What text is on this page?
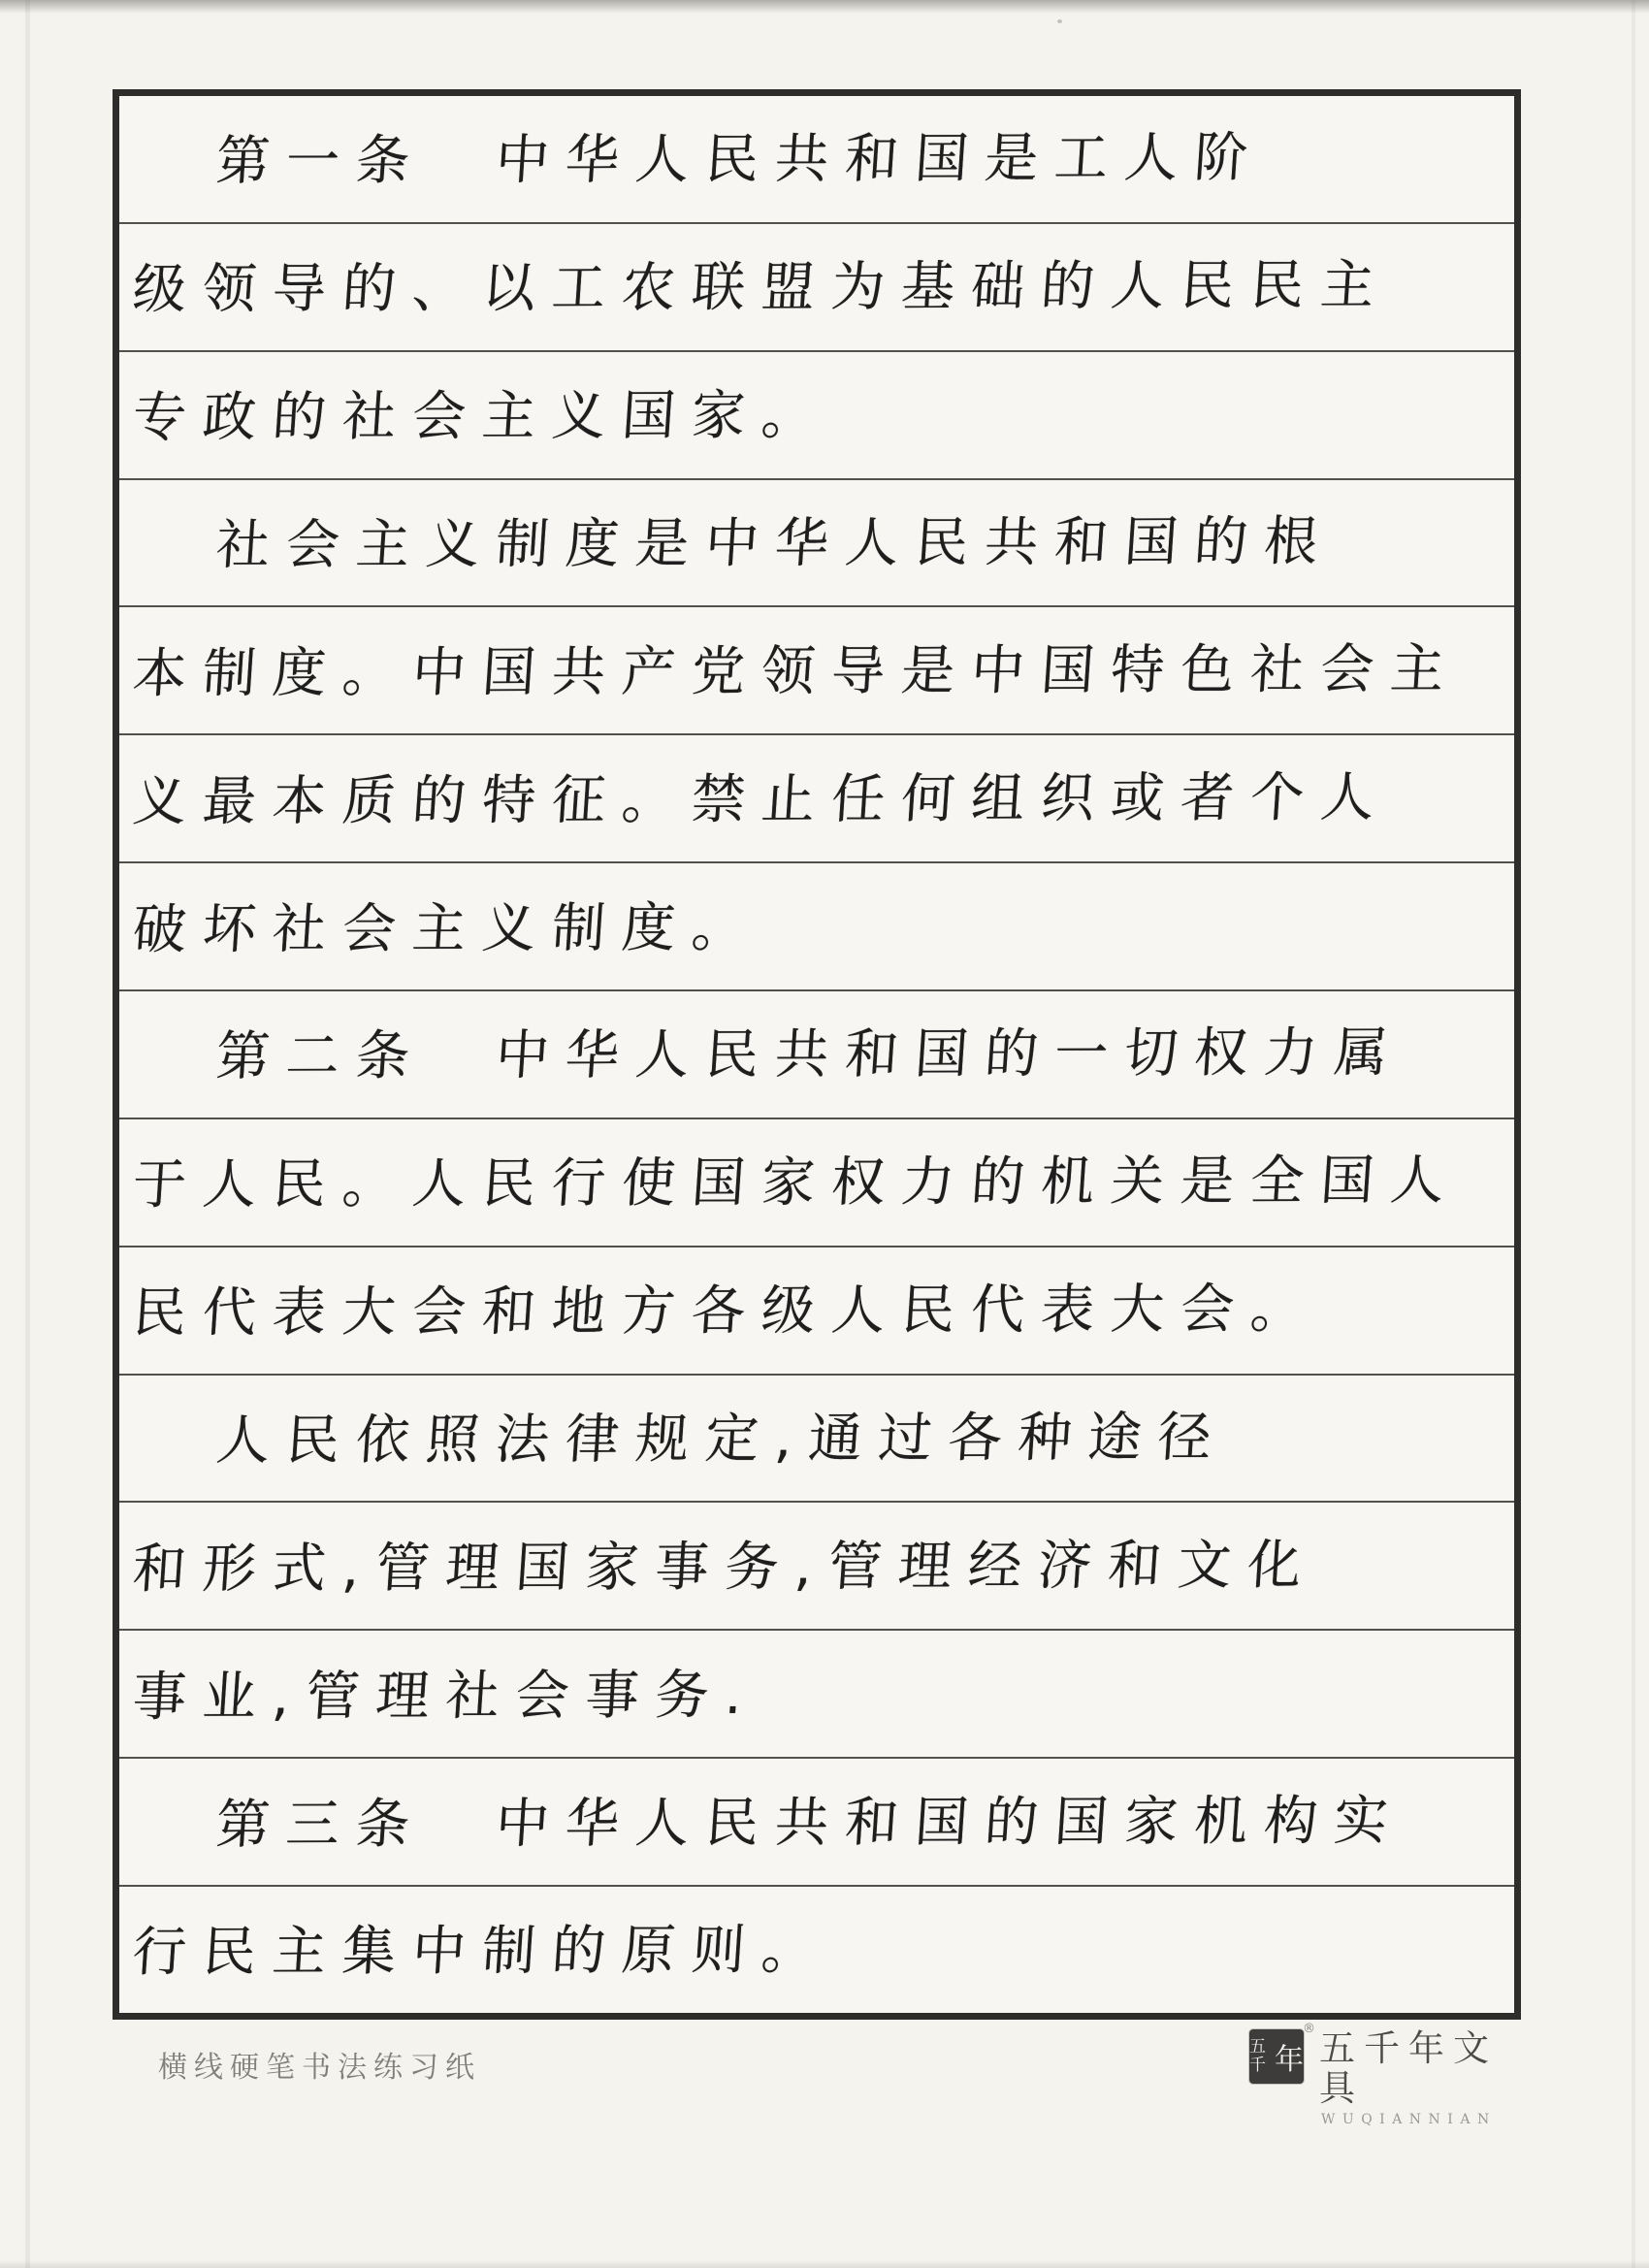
第一条　中华人民共和国是工人阶
级领导的、以工农联盟为基础的人民民主
专政的社会主义国家。
社会主义制度是中华人民共和国的根
本制度。中国共产党领导是中国特色社会主
义最本质的特征。禁止任何组织或者个人
破坏社会主义制度。
第二条　中华人民共和国的一切权力属
于人民。人民行使国家权力的机关是全国人
民代表大会和地方各级人民代表大会。
人民依照法律规定,通过各种途径
和形式,管理国家事务,管理经济和文化
事业,管理社会事务.
第三条　中华人民共和国的国家机构实
行民主集中制的原则。
横线硬笔书法练习纸
五千 年
® 五千年文具
WUQIANNIAN
